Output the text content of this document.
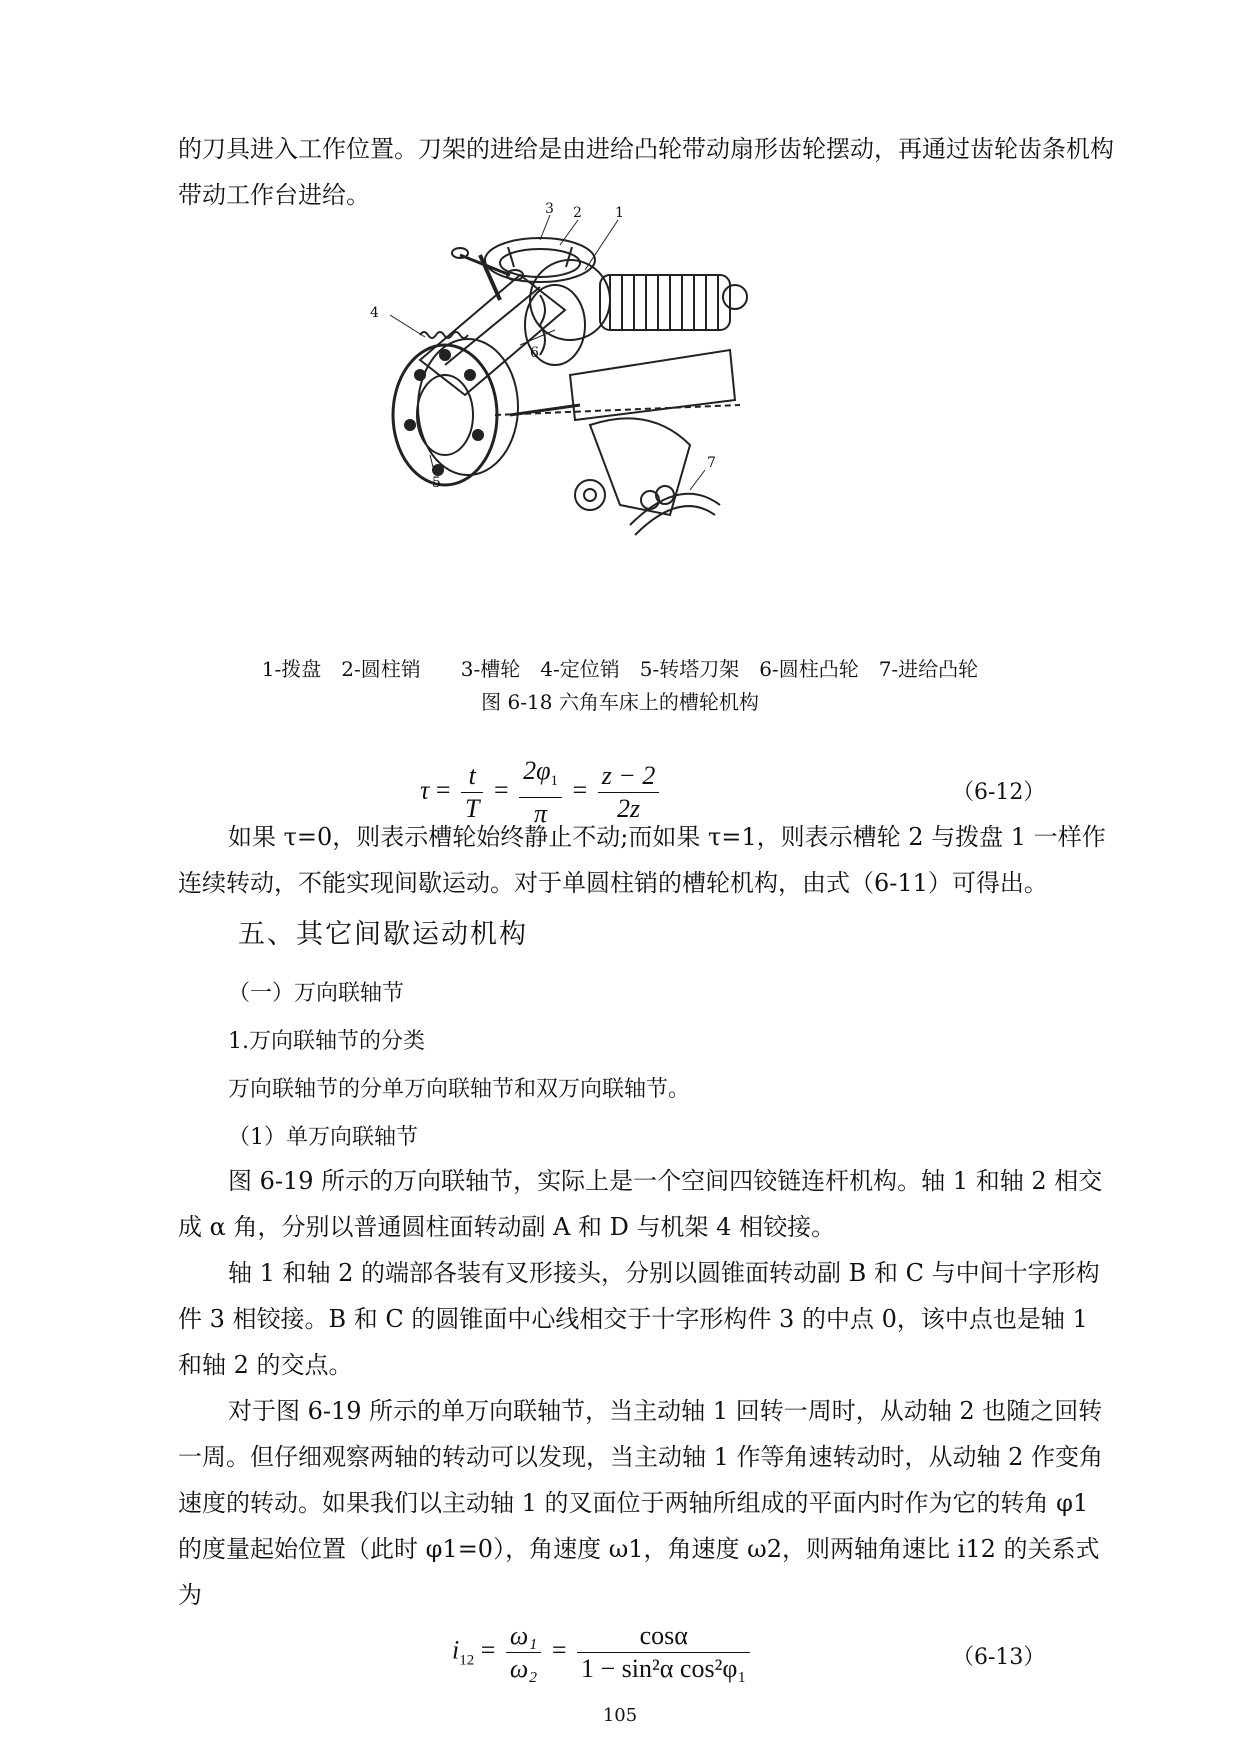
的刀具进入工作位置。刀架的进给是由进给凸轮带动扇形齿轮摆动，再通过齿轮齿条机构带动工作台进给。	3 2 1
4
6
5
7
1-拨盘　2-圆柱销　　3-槽轮　4-定位销　5-转塔刀架　6-圆柱凸轮　7-进给凸轮
图 6-18 六角车床上的槽轮机构
$\tau = \frac{t}{T} = \frac{2\varphi_1}{\pi} = \frac{z - 2}{2z}$	（6-12）
如果 τ=0，则表示槽轮始终静止不动;而如果 τ=1，则表示槽轮 2 与拨盘 1 一样作连续转动，不能实现间歇运动。对于单圆柱销的槽轮机构，由式（6-11）可得出。
五、其它间歇运动机构
（一）万向联轴节
1.万向联轴节的分类
万向联轴节的分单万向联轴节和双万向联轴节。
（1）单万向联轴节
图 6-19 所示的万向联轴节，实际上是一个空间四铰链连杆机构。轴 1 和轴 2 相交成 α 角，分别以普通圆柱面转动副 A 和 D 与机架 4 相铰接。
轴 1 和轴 2 的端部各装有叉形接头，分别以圆锥面转动副 B 和 C 与中间十字形构件 3 相铰接。B 和 C 的圆锥面中心线相交于十字形构件 3 的中点 0，该中点也是轴 1 和轴 2 的交点。
对于图 6-19 所示的单万向联轴节，当主动轴 1 回转一周时，从动轴 2 也随之回转一周。但仔细观察两轴的转动可以发现，当主动轴 1 作等角速转动时，从动轴 2 作变角速度的转动。如果我们以主动轴 1 的叉面位于两轴所组成的平面内时作为它的转角 φ1 的度量起始位置（此时 φ1=0），角速度 ω1，角速度 ω2，则两轴角速比 i12 的关系式为
$i_{12} = \frac{\text{ω₁}}{\text{ω₂}} = \frac{\cos\alpha}{\text{1 − sin²α cos²φ₁}}$	（6-13）
105
